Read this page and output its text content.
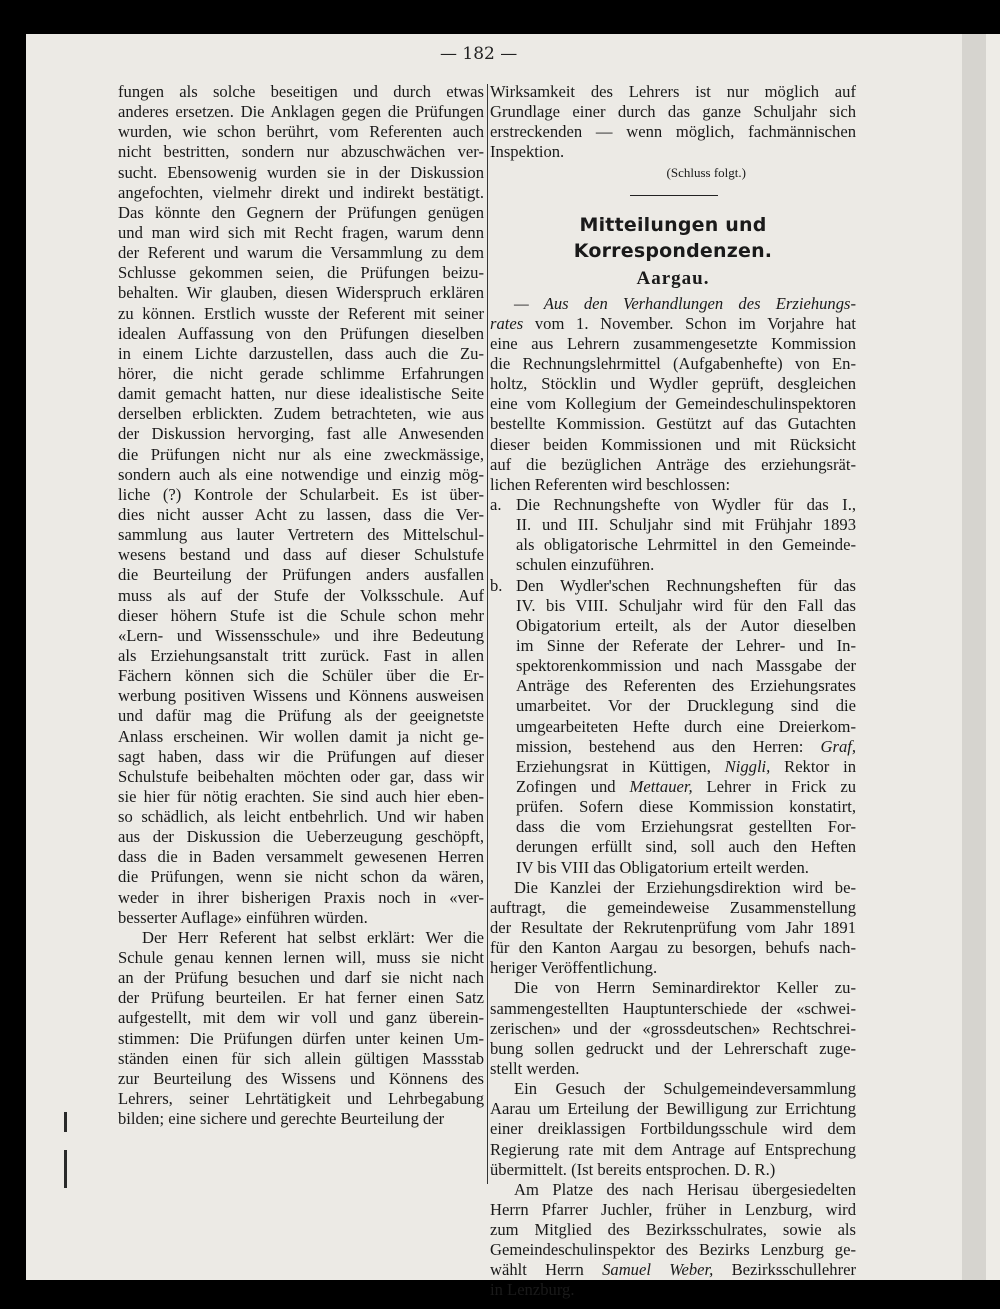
— 182 —
fungen als solche beseitigen und durch etwas
anderes ersetzen. Die Anklagen gegen die Prüfungen
wurden, wie schon berührt, vom Referenten auch
nicht bestritten, sondern nur abzuschwächen ver-
sucht. Ebensowenig wurden sie in der Diskussion
angefochten, vielmehr direkt und indirekt bestätigt.
Das könnte den Gegnern der Prüfungen genügen
und man wird sich mit Recht fragen, warum denn
der Referent und warum die Versammlung zu dem
Schlusse gekommen seien, die Prüfungen beizu-
behalten. Wir glauben, diesen Widerspruch erklären
zu können. Erstlich wusste der Referent mit seiner
idealen Auffassung von den Prüfungen dieselben
in einem Lichte darzustellen, dass auch die Zu-
hörer, die nicht gerade schlimme Erfahrungen
damit gemacht hatten, nur diese idealistische Seite
derselben erblickten. Zudem betrachteten, wie aus
der Diskussion hervorging, fast alle Anwesenden
die Prüfungen nicht nur als eine zweckmässige,
sondern auch als eine notwendige und einzig mög-
liche (?) Kontrole der Schularbeit. Es ist über-
dies nicht ausser Acht zu lassen, dass die Ver-
sammlung aus lauter Vertretern des Mittelschul-
wesens bestand und dass auf dieser Schulstufe
die Beurteilung der Prüfungen anders ausfallen
muss als auf der Stufe der Volksschule. Auf
dieser höhern Stufe ist die Schule schon mehr
«Lern- und Wissensschule» und ihre Bedeutung
als Erziehungsanstalt tritt zurück. Fast in allen
Fächern können sich die Schüler über die Er-
werbung positiven Wissens und Könnens ausweisen
und dafür mag die Prüfung als der geeignetste
Anlass erscheinen. Wir wollen damit ja nicht ge-
sagt haben, dass wir die Prüfungen auf dieser
Schulstufe beibehalten möchten oder gar, dass wir
sie hier für nötig erachten. Sie sind auch hier eben-
so schädlich, als leicht entbehrlich. Und wir haben
aus der Diskussion die Ueberzeugung geschöpft,
dass die in Baden versammelt gewesenen Herren
die Prüfungen, wenn sie nicht schon da wären,
weder in ihrer bisherigen Praxis noch in «ver-
besserter Auflage» einführen würden.
Der Herr Referent hat selbst erklärt: Wer die
Schule genau kennen lernen will, muss sie nicht
an der Prüfung besuchen und darf sie nicht nach
der Prüfung beurteilen. Er hat ferner einen Satz
aufgestellt, mit dem wir voll und ganz überein-
stimmen: Die Prüfungen dürfen unter keinen Um-
ständen einen für sich allein gültigen Massstab
zur Beurteilung des Wissens und Könnens des
Lehrers, seiner Lehrtätigkeit und Lehrbegabung
bilden; eine sichere und gerechte Beurteilung der
Wirksamkeit des Lehrers ist nur möglich auf
Grundlage einer durch das ganze Schuljahr sich
erstreckenden — wenn möglich, fachmännischen
Inspektion.
(Schluss folgt.)
Mitteilungen und Korrespondenzen.
Aargau.
— Aus den Verhandlungen des Erziehungs-
rates vom 1. November. Schon im Vorjahre hat
eine aus Lehrern zusammengesetzte Kommission
die Rechnungslehrmittel (Aufgabenhefte) von En-
holtz, Stöcklin und Wydler geprüft, desgleichen
eine vom Kollegium der Gemeindeschulinspektoren
bestellte Kommission. Gestützt auf das Gutachten
dieser beiden Kommissionen und mit Rücksicht
auf die bezüglichen Anträge des erziehungsrät-
lichen Referenten wird beschlossen:
a. Die Rechnungshefte von Wydler für das I.,
II. und III. Schuljahr sind mit Frühjahr 1893
als obligatorische Lehrmittel in den Gemeinde-
schulen einzuführen.
b. Den Wydler'schen Rechnungsheften für das
IV. bis VIII. Schuljahr wird für den Fall das
Obigatorium erteilt, als der Autor dieselben
im Sinne der Referate der Lehrer- und In-
spektorenkommission und nach Massgabe der
Anträge des Referenten des Erziehungsrates
umarbeitet. Vor der Drucklegung sind die
umgearbeiteten Hefte durch eine Dreierkom-
mission, bestehend aus den Herren: Graf,
Erziehungsrat in Küttigen, Niggli, Rektor in
Zofingen und Mettauer, Lehrer in Frick zu
prüfen. Sofern diese Kommission konstatirt,
dass die vom Erziehungsrat gestellten For-
derungen erfüllt sind, soll auch den Heften
IV bis VIII das Obligatorium erteilt werden.
Die Kanzlei der Erziehungsdirektion wird be-
auftragt, die gemeindeweise Zusammenstellung
der Resultate der Rekrutenprüfung vom Jahr 1891
für den Kanton Aargau zu besorgen, behufs nach-
heriger Veröffentlichung.
Die von Herrn Seminardirektor Keller zu-
sammengestellten Hauptunterschiede der «schwei-
zerischen» und der «grossdeutschen» Rechtschrei-
bung sollen gedruckt und der Lehrerschaft zuge-
stellt werden.
Ein Gesuch der Schulgemeindeversammlung
Aarau um Erteilung der Bewilligung zur Errichtung
einer dreiklassigen Fortbildungsschule wird dem
Regierung rate mit dem Antrage auf Entsprechung
übermittelt. (Ist bereits entsprochen. D. R.)
Am Platze des nach Herisau übergesiedelten
Herrn Pfarrer Juchler, früher in Lenzburg, wird
zum Mitglied des Bezirksschulrates, sowie als
Gemeindeschulinspektor des Bezirks Lenzburg ge-
wählt Herrn Samuel Weber, Bezirksschullehrer
in Lenzburg.
